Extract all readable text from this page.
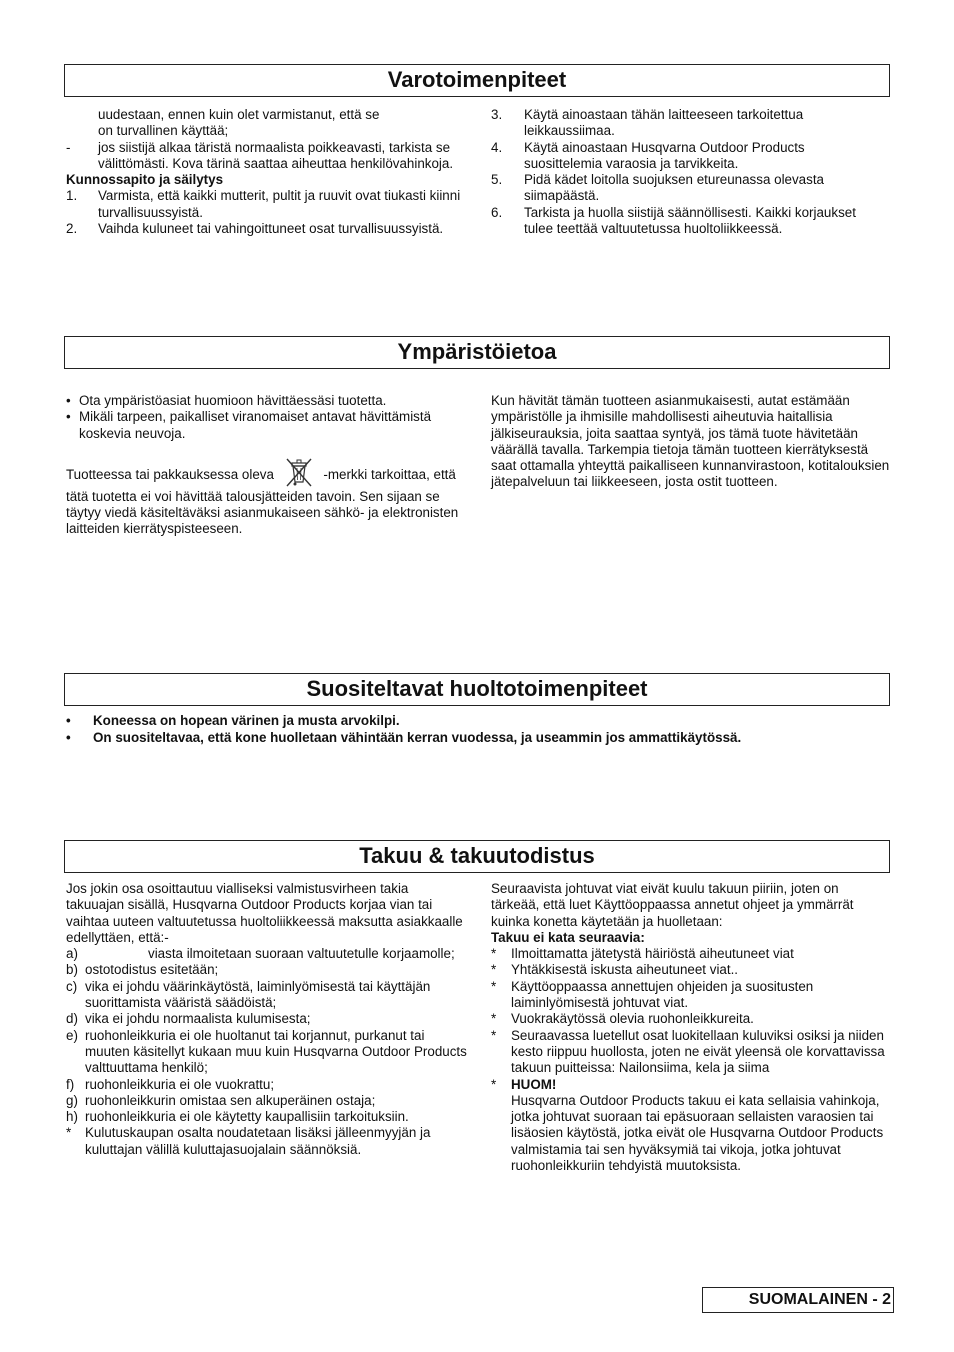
Varotoimenpiteet
uudestaan, ennen kuin olet varmistanut, että se
on turvallinen käyttää;
-	jos siistijä alkaa täristä normaalista poikkeavasti, tarkista se välittömästi. Kova tärinä saattaa aiheuttaa henkilövahinkoja.

Kunnossapito ja säilytys

1.	Varmista, että kaikki mutterit, pultit ja ruuvit ovat tiukasti kiinni turvallisuussyistä.
2.	Vaihda kuluneet tai vahingoittuneet osat turvallisuussyistä.
3.	Käytä ainoastaan tähän laitteeseen tarkoitettua leikkaussiimaa.
4.	Käytä ainoastaan Husqvarna Outdoor Products suosittelemia varaosia ja tarvikkeita.
5.	Pidä kädet loitolla suojuksen etureunassa olevasta siimapäästä.
6.	Tarkista ja huolla siistijä säännöllisesti. Kaikki korjaukset tulee teettää valtuutetussa huoltoliikkeessä.
Ympäristöietoa
• Ota ympäristöasiat huomioon hävittäessäsi tuotetta.
• Mikäli tarpeen, paikalliset viranomaiset antavat hävittämistä koskevia neuvoja.

Tuotteessa tai pakkauksessa oleva	-merkki tarkoittaa, että tätä tuotetta ei voi hävittää talousjätteiden tavoin. Sen sijaan se täytyy viedä käsiteltäväksi asianmukaiseen sähkö- ja elektronisten laitteiden kierrätyspisteeseen.

Kun hävität tämän tuotteen asianmukaisesti, autat estämään ympäristölle ja ihmisille mahdollisesti aiheutuvia haitallisia jälkiseurauksia, joita saattaa syntyä, jos tämä tuote hävitetään väärällä tavalla. Tarkempia tietoja tämän tuotteen kierrätyksestä saat ottamalla yhteyttä paikalliseen kunnanvirastoon, kotitalouksien jätepalveluun tai liikkeeseen, josta ostit tuotteen.

Suositeltavat huoltotoimenpiteet
•	Koneessa on hopean värinen ja musta arvokilpi.
•	On suositeltavaa, että kone huolletaan vähintään kerran vuodessa, ja useammin jos ammattikäytössä.
Takuu & takuutodistus

Jos jokin osa osoittautuu vialliseksi valmistusvirheen takia takuuajan sisällä, Husqvarna Outdoor Products korjaa vian tai vaihtaa uuteen valtuutetussa huoltoliikkeessä maksutta asiakkaalle edellyttäen, että:-

a)	viasta ilmoitetaan suoraan valtuutetulle korjaamolle;
b) ostotodistus esitetään;
c) vika ei johdu väärinkäytöstä, laiminlyömisestä tai käyttäjän suorittamista vääristä säädöistä;
d) vika ei johdu normaalista kulumisesta;
e) ruohonleikkuria ei ole huoltanut tai korjannut, purkanut tai muuten käsitellyt kukaan muu kuin Husqvarna Outdoor Products valttuuttama henkilö;
f) ruohonleikkuria ei ole vuokrattu;
g) ruohonleikkurin omistaa sen alkuperäinen ostaja;
h) ruohonleikkuria ei ole käytetty kaupallisiin tarkoituksiin.
*	Kulutuskaupan osalta noudatetaan lisäksi jälleenmyyjän ja kuluttajan välillä kuluttajasuojalain säännöksiä.

Seuraavista johtuvat viat eivät kuulu takuun piiriin, joten on tärkeää, että luet Käyttöoppaassa annetut ohjeet ja ymmärrät kuinka konetta käytetään ja huolletaan:

Takuu ei kata seuraavia:

*	Ilmoittamatta jätetystä häiriöstä aiheutuneet viat
*	Yhtäkkisestä iskusta aiheutuneet viat..
*	Käyttöoppaassa annettujen ohjeiden ja suositusten laiminlyömisestä johtuvat viat.
*	Vuokrakäytössä olevia ruohonleikkureita.
*	Seuraavassa luetellut osat luokitellaan kuluviksi osiksi ja niiden kesto riippuu huollosta, joten ne eivät yleensä ole korvattavissa takuun puitteissa: Nailonsiima, kela ja siima
*	HUOM!
Husqvarna Outdoor Products takuu ei kata sellaisia vahinkoja, jotka johtuvat suoraan tai epäsuoraan sellaisten varaosien tai lisäosien käytöstä, jotka eivät ole Husqvarna Outdoor Products valmistamia tai sen hyväksymiä tai vikoja, jotka johtuvat ruohonleikkuriin tehdyistä muutoksista.
SUOMALAINEN - 2
